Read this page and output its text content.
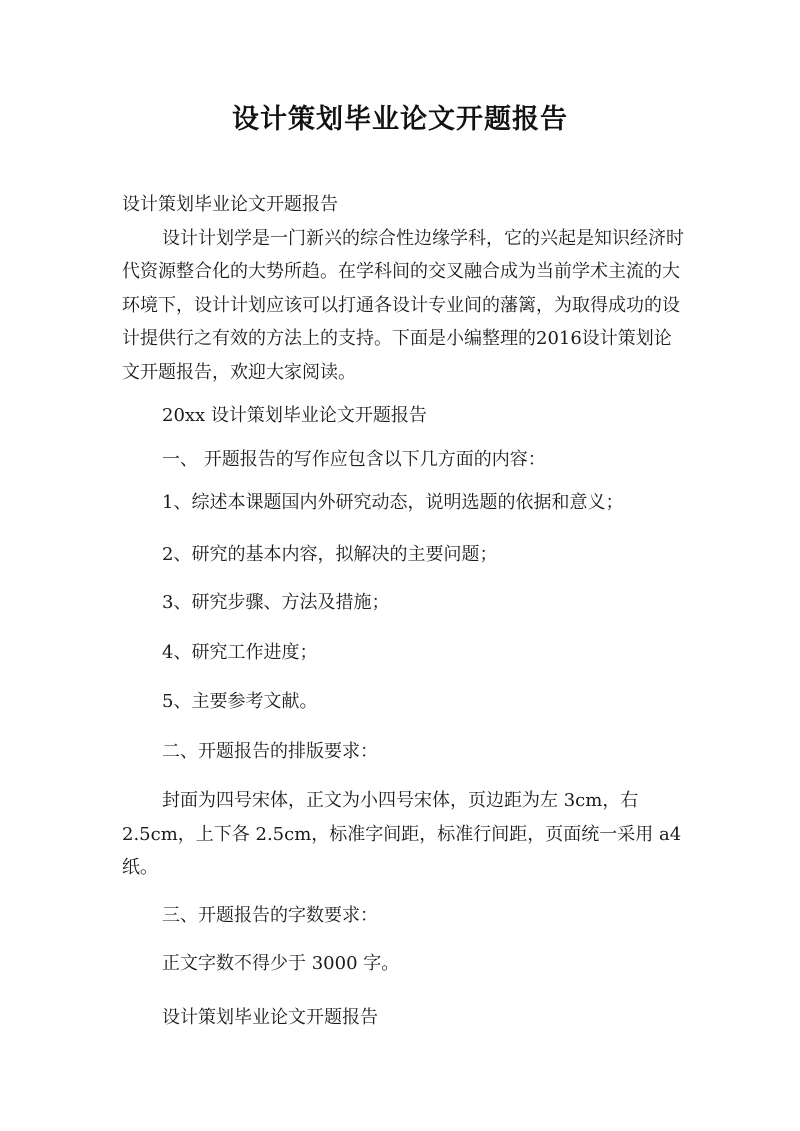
设计策划毕业论文开题报告

设计策划毕业论文开题报告

设计计划学是一门新兴的综合性边缘学科，它的兴起是知识经济时代资源整合化的大势所趋。在学科间的交叉融合成为当前学术主流的大环境下，设计计划应该可以打通各设计专业间的藩篱，为取得成功的设计提供行之有效的方法上的支持。下面是小编整理的2016设计策划论文开题报告，欢迎大家阅读。

20xx 设计策划毕业论文开题报告

一、 开题报告的写作应包含以下几方面的内容：

1、综述本课题国内外研究动态，说明选题的依据和意义；

2、研究的基本内容，拟解决的主要问题；

3、研究步骤、方法及措施；

4、研究工作进度；

5、主要参考文献。

二、开题报告的排版要求：

封面为四号宋体，正文为小四号宋体，页边距为左 3cm，右 2.5cm，上下各 2.5cm，标准字间距，标准行间距，页面统一采用 a4 纸。

三、开题报告的字数要求：

正文字数不得少于 3000 字。

设计策划毕业论文开题报告
